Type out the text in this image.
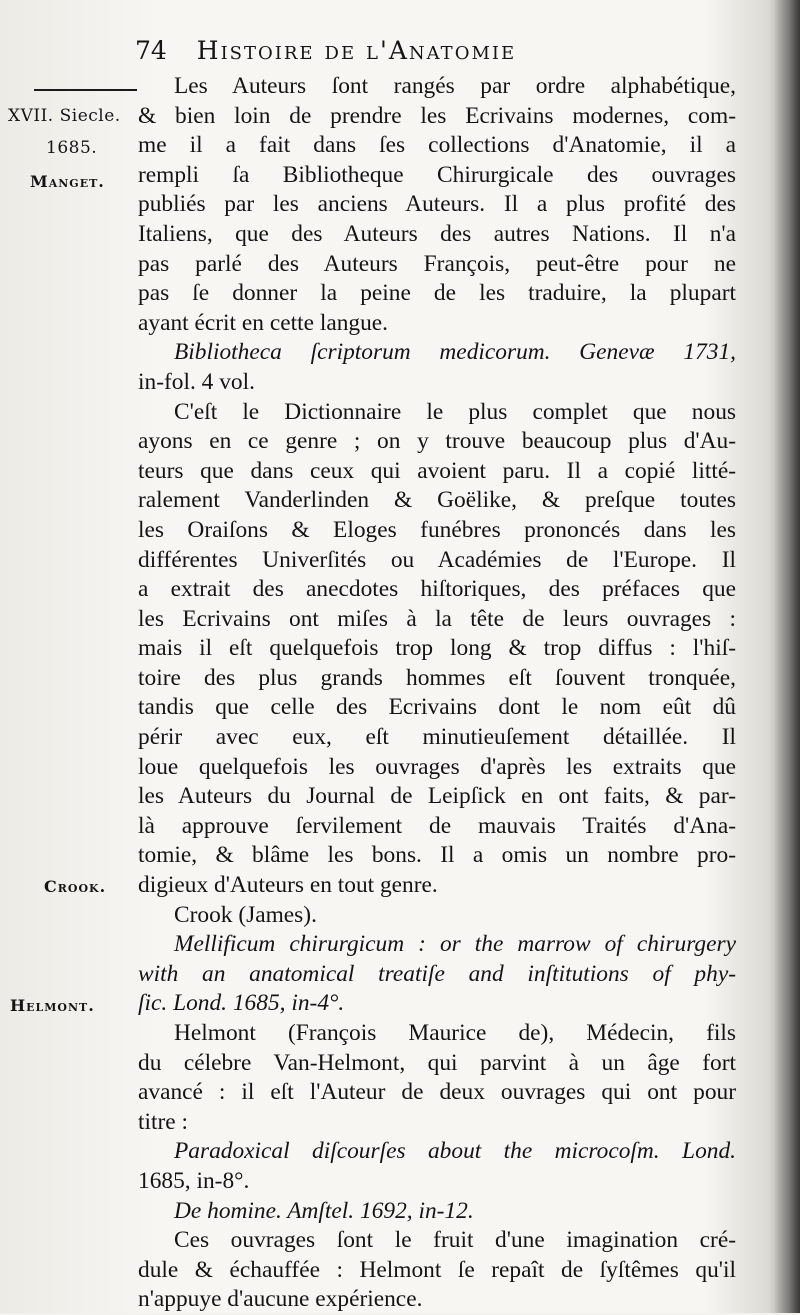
74 Histoire de l'Anatomie
XVII. Siecle.
1685.
Manget.
Crook.
Helmont.
Les Auteurs ſont rangés par ordre alphabétique,
& bien loin de prendre les Ecrivains modernes, com-
me il a fait dans ſes collections d'Anatomie, il a
rempli ſa Bibliotheque Chirurgicale des ouvrages
publiés par les anciens Auteurs. Il a plus profité des
Italiens, que des Auteurs des autres Nations. Il n'a
pas parlé des Auteurs François, peut-être pour ne
pas ſe donner la peine de les traduire, la plupart
ayant écrit en cette langue.
Bibliotheca ſcriptorum medicorum. Genevæ 1731,
in-fol. 4 vol.
C'eſt le Dictionnaire le plus complet que nous
ayons en ce genre ; on y trouve beaucoup plus d'Au-
teurs que dans ceux qui avoient paru. Il a copié litté-
ralement Vanderlinden & Goëlike, & preſque toutes
les Oraiſons & Eloges funébres prononcés dans les
différentes Univerſités ou Académies de l'Europe. Il
a extrait des anecdotes hiſtoriques, des préfaces que
les Ecrivains ont miſes à la tête de leurs ouvrages :
mais il eſt quelquefois trop long & trop diffus : l'hiſ-
toire des plus grands hommes eſt ſouvent tronquée,
tandis que celle des Ecrivains dont le nom eût dû
périr avec eux, eſt minutieuſement détaillée. Il
loue quelquefois les ouvrages d'après les extraits que
les Auteurs du Journal de Leipſick en ont faits, & par-
là approuve ſervilement de mauvais Traités d'Ana-
tomie, & blâme les bons. Il a omis un nombre pro-
digieux d'Auteurs en tout genre.
Crook (James).
Mellificum chirurgicum : or the marrow of chirurgery
with an anatomical treatiſe and inſtitutions of phy-
ſic. Lond. 1685, in-4°.
Helmont (François Maurice de), Médecin, fils
du célebre Van-Helmont, qui parvint à un âge fort
avancé : il eſt l'Auteur de deux ouvrages qui ont pour
titre :
Paradoxical diſcourſes about the microcoſm. Lond.
1685, in-8°.
De homine. Amſtel. 1692, in-12.
Ces ouvrages ſont le fruit d'une imagination cré-
dule & échauffée : Helmont ſe repaît de ſyſtêmes qu'il
n'appuye d'aucune expérience.
